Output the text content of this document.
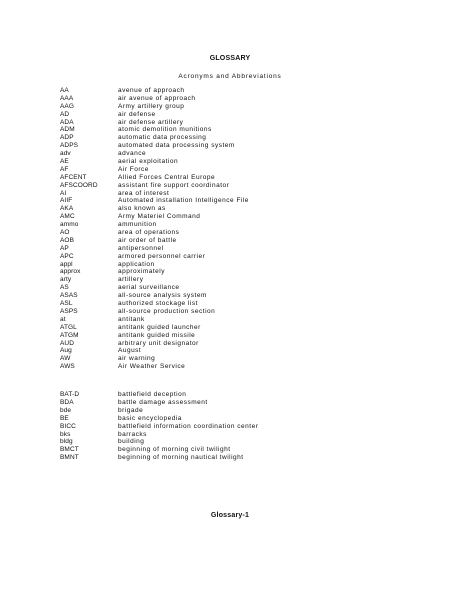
GLOSSARY
Acronyms and Abbreviations
AA	avenue of approach
AAA	air avenue of approach
AAG	Army artillery group
AD	air defense
ADA	air defense artillery
ADM	atomic demolition munitions
ADP	automatic data processing
ADPS	automated data processing system
adv	advance
AE	aerial exploitation
AF	Air Force
AFCENT	Allied Forces Central Europe
AFSCOORD	assistant fire support coordinator
AI	area of interest
AIIF	Automated installation Intelligence File
AKA	also known as
AMC	Army Materiel Command
ammo	ammunition
AO	area of operations
AOB	air order of battle
AP	antipersonnel
APC	armored personnel carrier
appl	application
approx	approximately
arty	artillery
AS	aerial surveillance
ASAS	all-source analysis system
ASL	authorized stockage list
ASPS	all-source production section
at	antitank
ATGL	antitank guided launcher
ATGM	antitank guided missile
AUD	arbitrary unit designator
Aug	August
AW	air warning
AWS	Air Weather Service
BAT-D	battlefield deception
BDA	battle damage assessment
bde	brigade
BE	basic encyclopedia
BICC	battlefield information coordination center
bks	barracks
bldg	building
BMCT	beginning of morning civil twilight
BMNT	beginning of morning nautical twilight
Glossary-1
